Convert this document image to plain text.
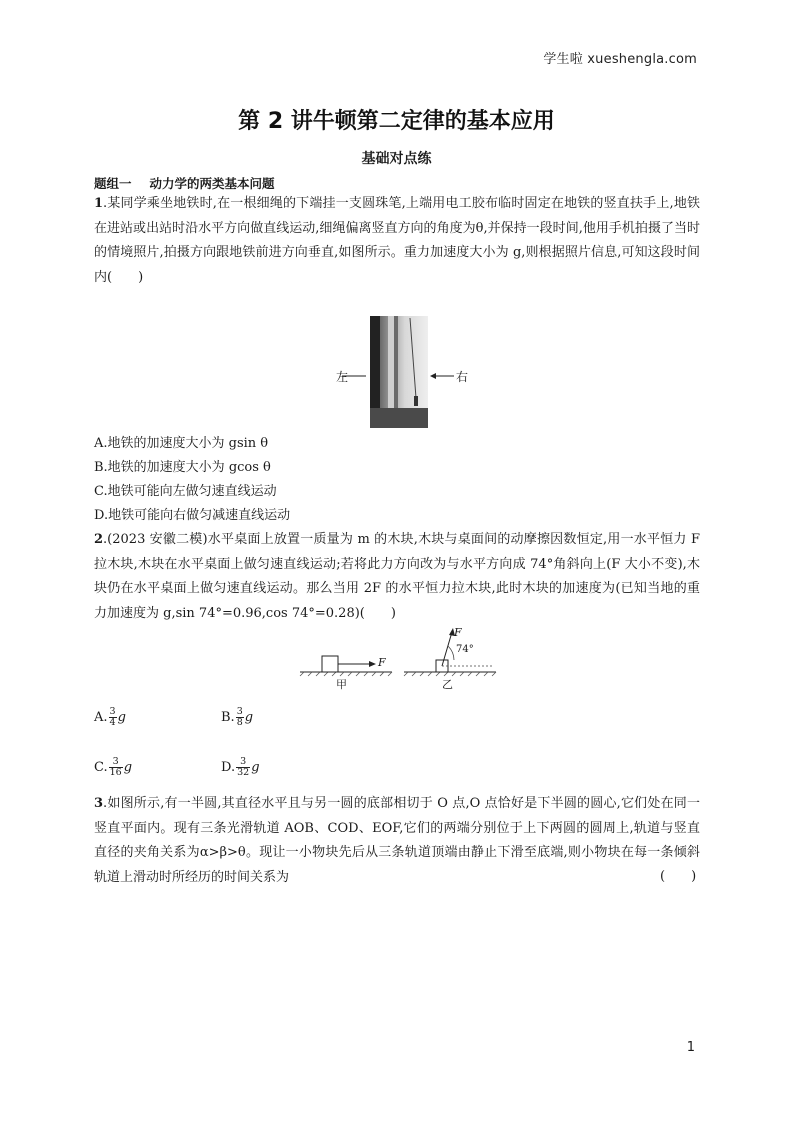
学生啦 xueshengla.com
第 2 讲牛顿第二定律的基本应用
基础对点练
题组一 动力学的两类基本问题
1.某同学乘坐地铁时,在一根细绳的下端挂一支圆珠笔,上端用电工胶布临时固定在地铁的竖直扶手上,地铁在进站或出站时沿水平方向做直线运动,细绳偏离竖直方向的角度为θ,并保持一段时间,他用手机拍摄了当时的情境照片,拍摄方向跟地铁前进方向垂直,如图所示。重力加速度大小为 g,则根据照片信息,可知这段时间内(　　)
左	右
A.地铁的加速度大小为 gsin θ
B.地铁的加速度大小为 gcos θ
C.地铁可能向左做匀速直线运动
D.地铁可能向右做匀减速直线运动
2.(2023 安徽二模)水平桌面上放置一质量为 m 的木块,木块与桌面间的动摩擦因数恒定,用一水平恒力 F 拉木块,木块在水平桌面上做匀速直线运动;若将此力方向改为与水平方向成 74°角斜向上(F 大小不变),木块仍在水平桌面上做匀速直线运动。那么当用 2F 的水平恒力拉木块,此时木块的加速度为(已知当地的重力加速度为 g,sin 74°=0.96,cos 74°=0.28)(　　)
F
F
74°
甲	乙
A. $\frac{3}{4}$ g	B. $\frac{3}{8}$ g
C. $\frac{3}{16}$ g	D. $\frac{3}{32}$ g
3.如图所示,有一半圆,其直径水平且与另一圆的底部相切于 O 点,O 点恰好是下半圆的圆心,它们处在同一竖直平面内。现有三条光滑轨道 AOB、COD、EOF,它们的两端分别位于上下两圆的圆周上,轨道与竖直直径的夹角关系为α>β>θ。现让一小物块先后从三条轨道顶端由静止下滑至底端,则小物块在每一条倾斜轨道上滑动时所经历的时间关系为	(　　)
1
